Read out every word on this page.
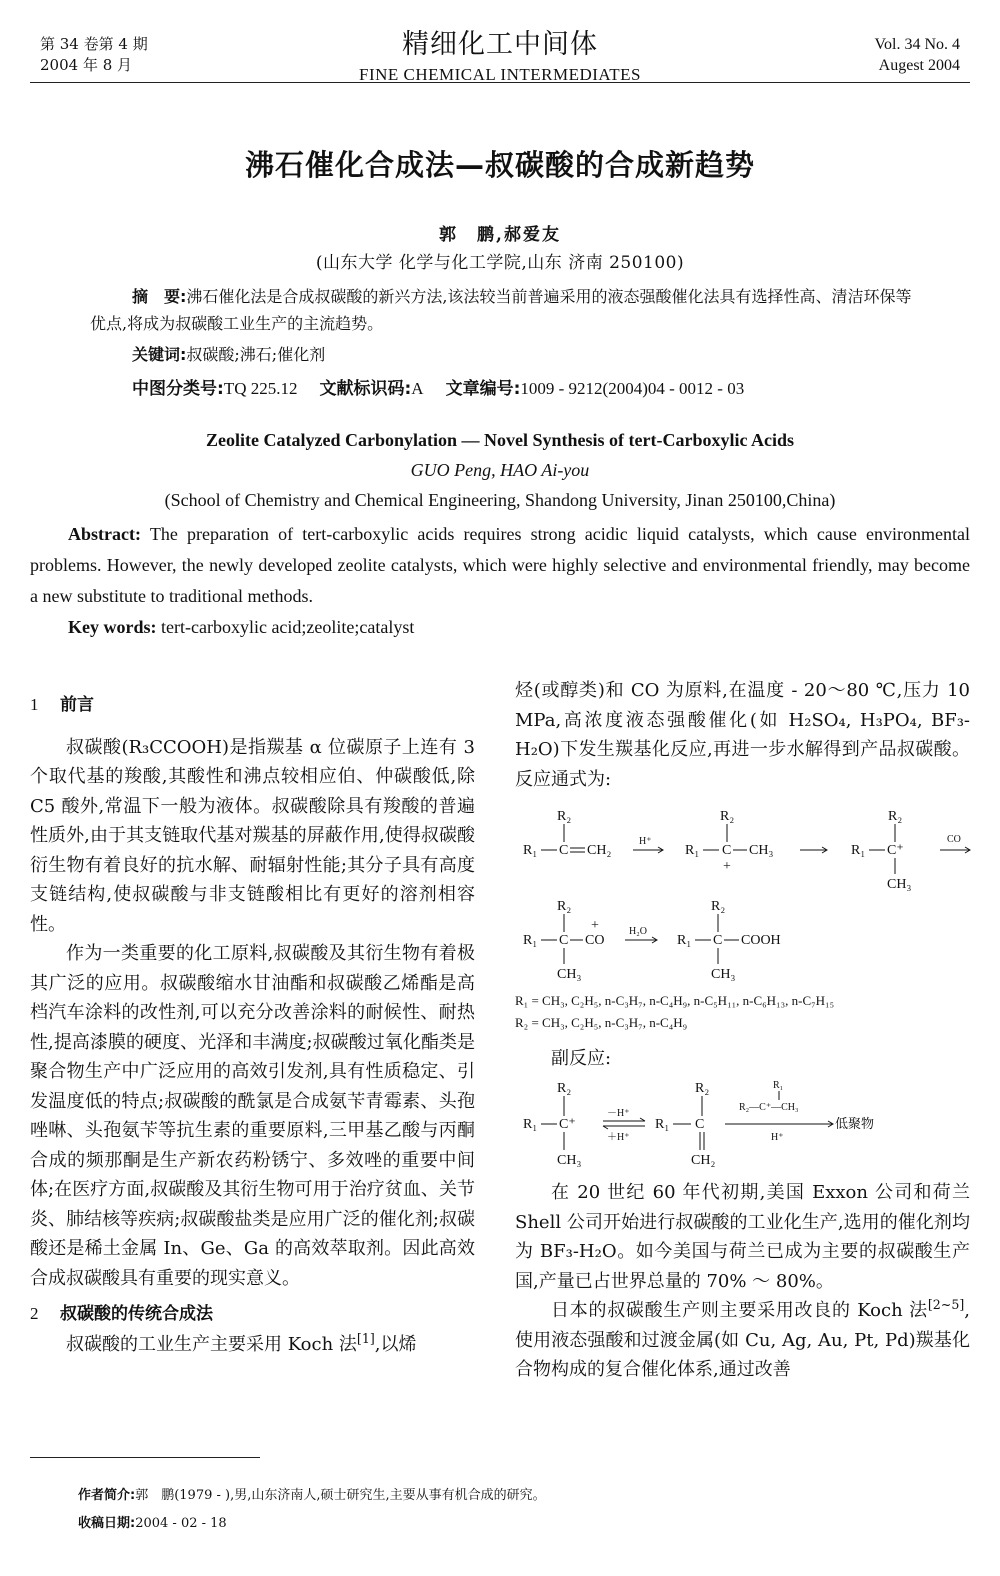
第 34 卷第 4 期
2004 年 8 月
精细化工中间体
FINE CHEMICAL INTERMEDIATES
Vol. 34 No. 4
Augest 2004
沸石催化合成法—叔碳酸的合成新趋势
郭　鹏,郝爱友
(山东大学 化学与化工学院,山东 济南 250100)
摘　要:沸石催化法是合成叔碳酸的新兴方法,该法较当前普遍采用的液态强酸催化法具有选择性高、清洁环保等优点,将成为叔碳酸工业生产的主流趋势。
关键词:叔碳酸;沸石;催化剂
中图分类号:TQ 225.12 文献标识码:A 文章编号:1009 - 9212(2004)04 - 0012 - 03
Zeolite Catalyzed Carbonylation — Novel Synthesis of tert-Carboxylic Acids
GUO Peng, HAO Ai-you
(School of Chemistry and Chemical Engineering, Shandong University, Jinan 250100,China)
Abstract: The preparation of tert-carboxylic acids requires strong acidic liquid catalysts, which cause environmental problems. However, the newly developed zeolite catalysts, which were highly selective and environmental friendly, may become a new substitute to traditional methods.
Key words: tert-carboxylic acid;zeolite;catalyst

1 前言

叔碳酸(R₃CCOOH)是指羰基 α 位碳原子上连有 3 个取代基的羧酸,其酸性和沸点较相应伯、仲碳酸低,除 C5 酸外,常温下一般为液体。叔碳酸除具有羧酸的普遍性质外,由于其支链取代基对羰基的屏蔽作用,使得叔碳酸衍生物有着良好的抗水解、耐辐射性能;其分子具有高度支链结构,使叔碳酸与非支链酸相比有更好的溶剂相容性。

作为一类重要的化工原料,叔碳酸及其衍生物有着极其广泛的应用。叔碳酸缩水甘油酯和叔碳酸乙烯酯是高档汽车涂料的改性剂,可以充分改善涂料的耐候性、耐热性,提高漆膜的硬度、光泽和丰满度;叔碳酸过氧化酯类是聚合物生产中广泛应用的高效引发剂,具有性质稳定、引发温度低的特点;叔碳酸的酰氯是合成氨苄青霉素、头孢唑啉、头孢氨苄等抗生素的重要原料,三甲基乙酸与丙酮合成的频那酮是生产新农药粉锈宁、多效唑的重要中间体;在医疗方面,叔碳酸及其衍生物可用于治疗贫血、关节炎、肺结核等疾病;叔碳酸盐类是应用广泛的催化剂;叔碳酸还是稀土金属 In、Ge、Ga 的高效萃取剂。因此高效合成叔碳酸具有重要的现实意义。

2 叔碳酸的传统合成法

叔碳酸的工业生产主要采用 Koch 法[1],以烯

烃(或醇类)和 CO 为原料,在温度 - 20～80 ℃,压力 10 MPa,高浓度液态强酸催化(如 H₂SO₄, H₃PO₄, BF₃-H₂O)下发生羰基化反应,再进一步水解得到产品叔碳酸。反应通式为:

R₂
R₁ C CH₂
H⁺
R₂
R₁ C CH₃
+
R₂
R₁ C⁺
CH₃
CO
R₂
R₁ C CO
+
CH₃
H₂O
R₂
R₁ C COOH
CH₃
R₁ = CH₃, C₂H₅, n-C₃H₇, n-C₄H₉, n-C₅H₁₁, n-C₆H₁₃, n-C₇H₁₅
R₂ = CH₃, C₂H₅, n-C₃H₇, n-C₄H₉
副反应:
R₂
R₁ C⁺
CH₃
－H⁺
＋H⁺
R₂
R₁ C
CH₂
R₁
R₂—C⁺—CH₃
H⁺
低聚物

在 20 世纪 60 年代初期,美国 Exxon 公司和荷兰 Shell 公司开始进行叔碳酸的工业化生产,选用的催化剂均为 BF₃-H₂O。如今美国与荷兰已成为主要的叔碳酸生产国,产量已占世界总量的 70% ～ 80%。

日本的叔碳酸生产则主要采用改良的 Koch 法[2~5],使用液态强酸和过渡金属(如 Cu, Ag, Au, Pt, Pd)羰基化合物构成的复合催化体系,通过改善

作者简介:郭　鹏(1979 - ),男,山东济南人,硕士研究生,主要从事有机合成的研究。
收稿日期:2004 - 02 - 18
